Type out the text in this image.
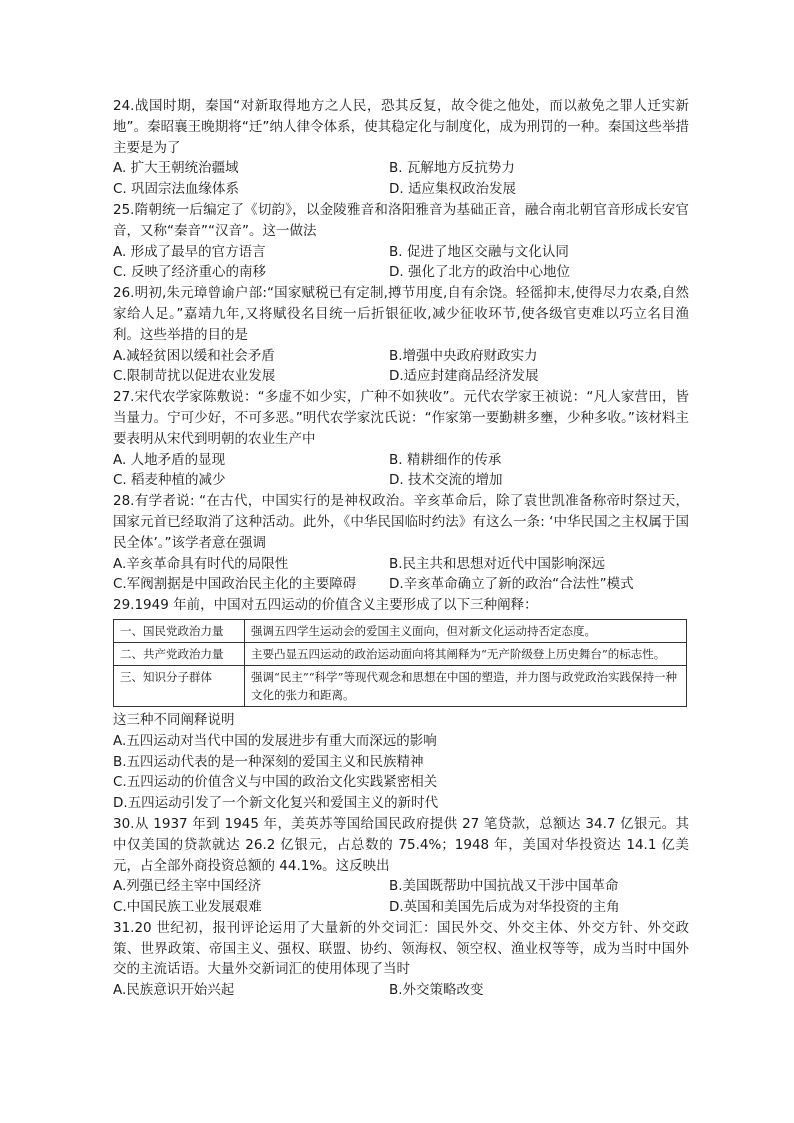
24.战国时期，秦国“对新取得地方之人民，恐其反复，故令徙之他处，而以赦免之罪人迁实新地”。秦昭襄王晚期将“迁”纳人律令体系，使其稳定化与制度化，成为刑罚的一种。秦国这些举措主要是为了

A. 扩大王朝统治疆域	B. 瓦解地方反抗势力
C. 巩固宗法血缘体系	D. 适应集权政治发展

25.隋朝统一后编定了《切韵》，以金陵雅音和洛阳雅音为基础正音，融合南北朝官音形成长安官音，又称“秦音”“汉音”。这一做法

A. 形成了最早的官方语言	B. 促进了地区交融与文化认同
C. 反映了经济重心的南移	D. 强化了北方的政治中心地位

26.明初,朱元璋曾谕户部:“国家赋税已有定制,撙节用度,自有余饶。轻徭抑末,使得尽力农桑,自然家给人足。”嘉靖九年,又将赋役名目统一后折银征收,减少征收环节,使各级官吏难以巧立名目渔利。这些举措的目的是

A.减轻贫困以缓和社会矛盾	B.增强中央政府财政实力
C.限制苛扰以促进农业发展	D.适应封建商品经济发展

27.宋代农学家陈敷说：“多虚不如少实，广种不如狭收”。元代农学家王祯说：“凡人家营田，皆当量力。宁可少好，不可多恶。”明代农学家沈氏说：“作家第一要勤耕多壅，少种多收。”该材料主要表明从宋代到明朝的农业生产中

A. 人地矛盾的显现	B. 精耕细作的传承
C. 稻麦种植的减少	D. 技术交流的增加

28.有学者说: “在古代，中国实行的是神权政治。辛亥革命后，除了袁世凯准备称帝时祭过天，国家元首已经取消了这种活动。此外，《中华民国临时约法》有这么一条: ‘中华民国之主权属于国民全体’。”该学者意在强调

A.辛亥革命具有时代的局限性	B.民主共和思想对近代中国影响深远
C.军阀割据是中国政治民主化的主要障碍	D.辛亥革命确立了新的政治“合法性”模式

29.1949 年前，中国对五四运动的价值含义主要形成了以下三种阐释：

一、国民党政治力量	强调五四学生运动会的爱国主义面向，但对新文化运动持否定态度。
二、共产党政治力量	主要凸显五四运动的政治运动面向将其阐释为“无产阶级登上历史舞台”的标志性。
三、知识分子群体	强调“民主”“科学”等现代观念和思想在中国的塑造，并力图与政党政治实践保持一种文化的张力和距离。

这三种不同阐释说明

A.五四运动对当代中国的发展进步有重大而深远的影响

B.五四运动代表的是一种深刻的爱国主义和民族精神

C.五四运动的价值含义与中国的政治文化实践紧密相关

D.五四运动引发了一个新文化复兴和爱国主义的新时代

30.从 1937 年到 1945 年，美英苏等国给国民政府提供 27 笔贷款，总额达 34.7 亿银元。其中仅美国的贷款就达 26.2 亿银元，占总数的 75.4%；1948 年，美国对华投资达 14.1 亿美元，占全部外商投资总额的 44.1%。这反映出

A.列强已经主宰中国经济	B.美国既帮助中国抗战又干涉中国革命
C.中国民族工业发展艰难	D.英国和美国先后成为对华投资的主角

31.20 世纪初，报刊评论运用了大量新的外交词汇：国民外交、外交主体、外交方针、外交政策、世界政策、帝国主义、强权、联盟、协约、领海权、领空权、渔业权等等，成为当时中国外交的主流话语。大量外交新词汇的使用体现了当时

A.民族意识开始兴起	B.外交策略改变
